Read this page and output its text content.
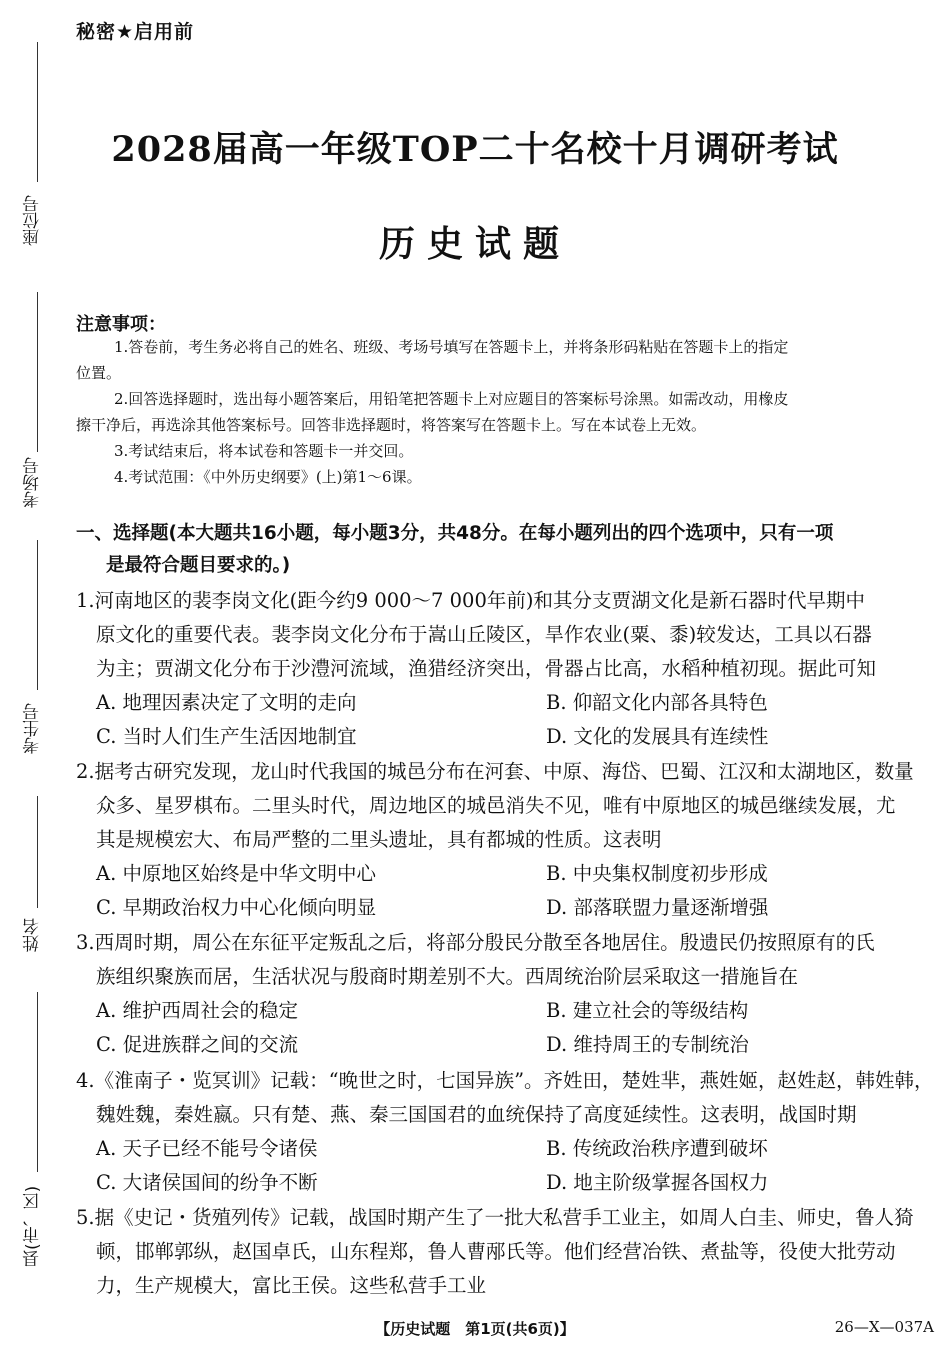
秘密★启用前
2028届高一年级TOP二十名校十月调研考试
历史试题
座位号
考场号
考生号
姓名
县(市、区)
注意事项：
1.答卷前，考生务必将自己的姓名、班级、考场号填写在答题卡上，并将条形码粘贴在答题卡上的指定
位置。
2.回答选择题时，选出每小题答案后，用铅笔把答题卡上对应题目的答案标号涂黑。如需改动，用橡皮
擦干净后，再选涂其他答案标号。回答非选择题时，将答案写在答题卡上。写在本试卷上无效。
3.考试结束后，将本试卷和答题卡一并交回。
4.考试范围：《中外历史纲要》(上)第1～6课。
一、选择题(本大题共16小题，每小题3分，共48分。在每小题列出的四个选项中，只有一项
是最符合题目要求的。)
1.河南地区的裴李岗文化(距今约9 000～7 000年前)和其分支贾湖文化是新石器时代早期中
原文化的重要代表。裴李岗文化分布于嵩山丘陵区，旱作农业(粟、黍)较发达，工具以石器
为主；贾湖文化分布于沙澧河流域，渔猎经济突出，骨器占比高，水稻种植初现。据此可知
A. 地理因素决定了文明的走向	B. 仰韶文化内部各具特色
C. 当时人们生产生活因地制宜	D. 文化的发展具有连续性
2.据考古研究发现，龙山时代我国的城邑分布在河套、中原、海岱、巴蜀、江汉和太湖地区，数量
众多、星罗棋布。二里头时代，周边地区的城邑消失不见，唯有中原地区的城邑继续发展，尤
其是规模宏大、布局严整的二里头遗址，具有都城的性质。这表明
A. 中原地区始终是中华文明中心	B. 中央集权制度初步形成
C. 早期政治权力中心化倾向明显	D. 部落联盟力量逐渐增强
3.西周时期，周公在东征平定叛乱之后，将部分殷民分散至各地居住。殷遗民仍按照原有的氏
族组织聚族而居，生活状况与殷商时期差别不大。西周统治阶层采取这一措施旨在
A. 维护西周社会的稳定	B. 建立社会的等级结构
C. 促进族群之间的交流	D. 维持周王的专制统治
4.《淮南子・览冥训》记载：“晚世之时，七国异族”。齐姓田，楚姓芈，燕姓姬，赵姓赵，韩姓韩，
魏姓魏，秦姓嬴。只有楚、燕、秦三国国君的血统保持了高度延续性。这表明，战国时期
A. 天子已经不能号令诸侯	B. 传统政治秩序遭到破坏
C. 大诸侯国间的纷争不断	D. 地主阶级掌握各国权力
5.据《史记・货殖列传》记载，战国时期产生了一批大私营手工业主，如周人白圭、师史，鲁人猗
顿，邯郸郭纵，赵国卓氏，山东程郑，鲁人曹邴氏等。他们经营冶铁、煮盐等，役使大批劳动
力，生产规模大，富比王侯。这些私营手工业
【历史试题　第1页(共6页)】	26—X—037A
